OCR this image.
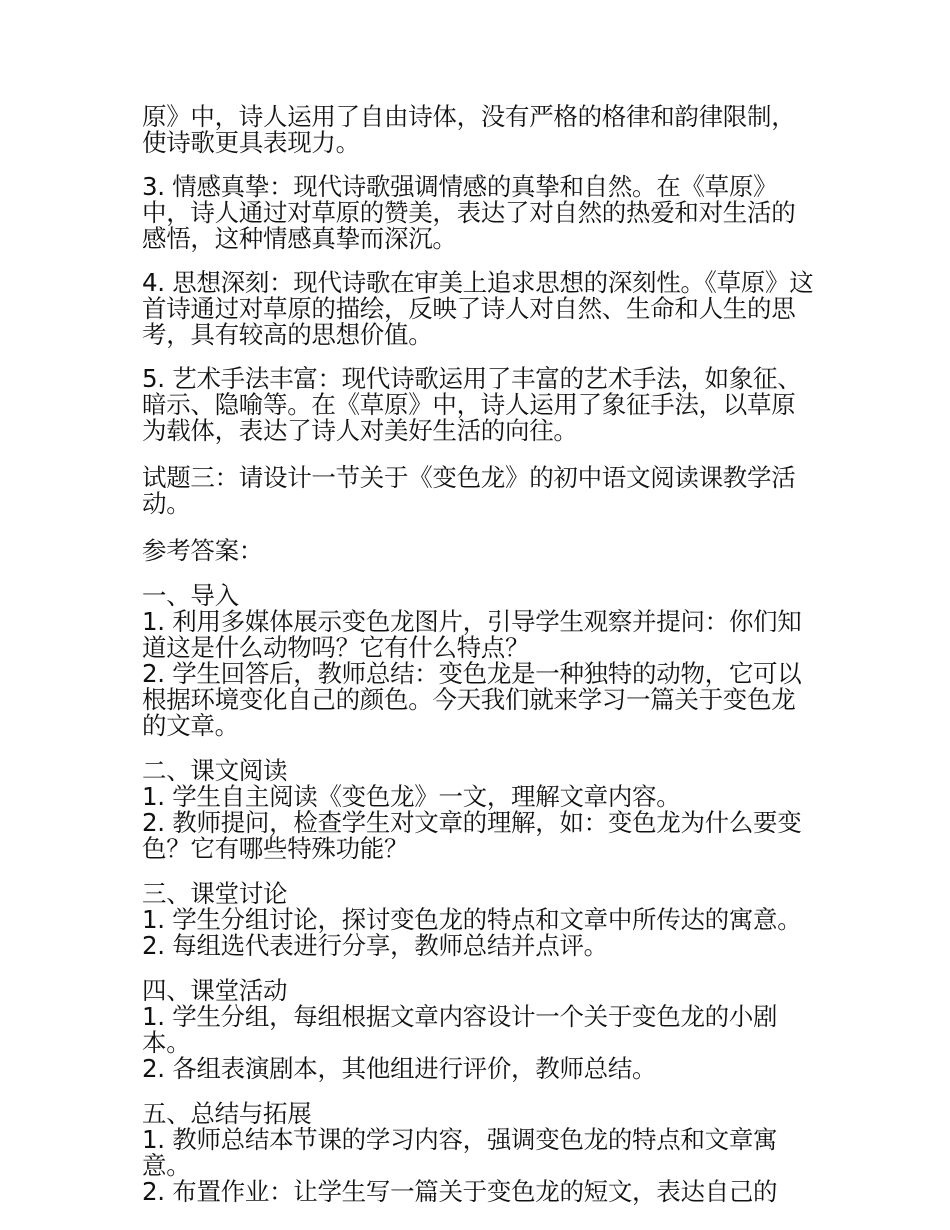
原》中，诗人运用了自由诗体，没有严格的格律和韵律限制，使诗歌更具表现力。

3. 情感真挚：现代诗歌强调情感的真挚和自然。在《草原》中，诗人通过对草原的赞美，表达了对自然的热爱和对生活的感悟，这种情感真挚而深沉。

4. 思想深刻：现代诗歌在审美上追求思想的深刻性。《草原》这首诗通过对草原的描绘，反映了诗人对自然、生命和人生的思考，具有较高的思想价值。

5. 艺术手法丰富：现代诗歌运用了丰富的艺术手法，如象征、暗示、隐喻等。在《草原》中，诗人运用了象征手法，以草原为载体，表达了诗人对美好生活的向往。

试题三：请设计一节关于《变色龙》的初中语文阅读课教学活动。

参考答案：

一、导入

1. 利用多媒体展示变色龙图片，引导学生观察并提问：你们知道这是什么动物吗？它有什么特点？

2. 学生回答后，教师总结：变色龙是一种独特的动物，它可以根据环境变化自己的颜色。今天我们就来学习一篇关于变色龙的文章。

二、课文阅读

1. 学生自主阅读《变色龙》一文，理解文章内容。

2. 教师提问，检查学生对文章的理解，如：变色龙为什么要变色？它有哪些特殊功能？

三、课堂讨论

1. 学生分组讨论，探讨变色龙的特点和文章中所传达的寓意。

2. 每组选代表进行分享，教师总结并点评。

四、课堂活动

1. 学生分组，每组根据文章内容设计一个关于变色龙的小剧本。

2. 各组表演剧本，其他组进行评价，教师总结。

五、总结与拓展

1. 教师总结本节课的学习内容，强调变色龙的特点和文章寓意。

2. 布置作业：让学生写一篇关于变色龙的短文，表达自己的
